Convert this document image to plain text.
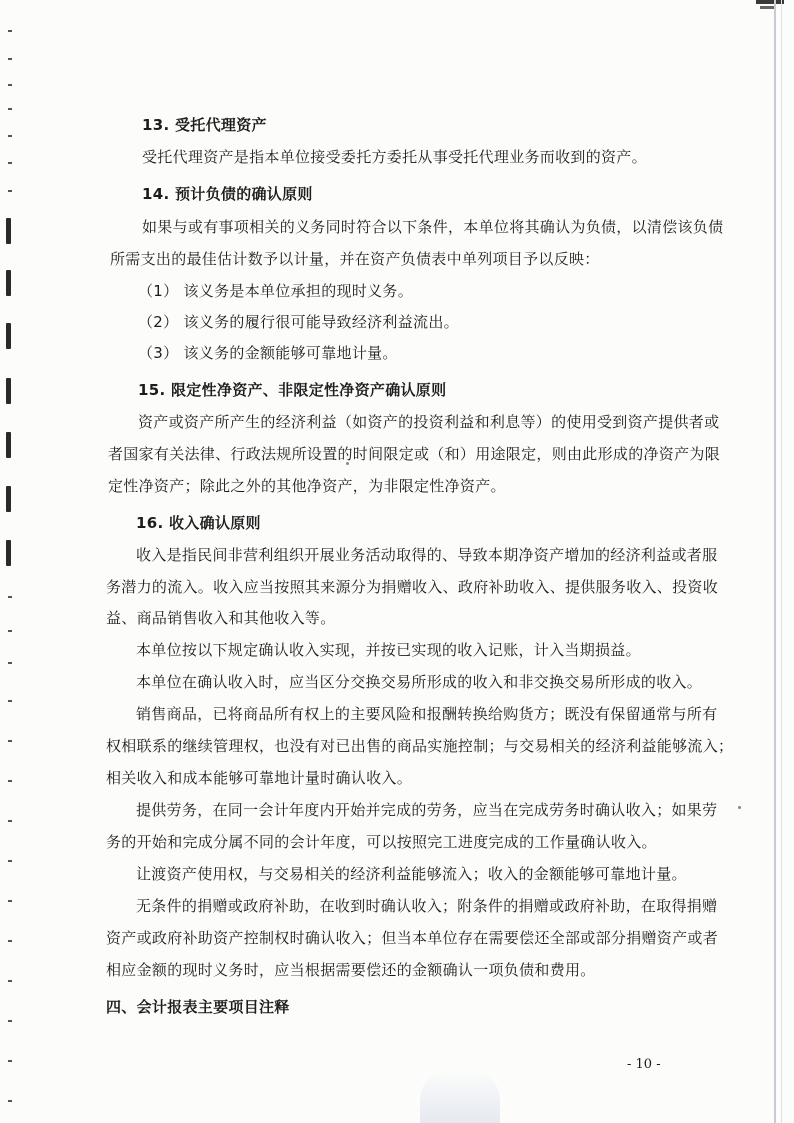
13. 受托代理资产
受托代理资产是指本单位接受委托方委托从事受托代理业务而收到的资产。
14. 预计负债的确认原则
如果与或有事项相关的义务同时符合以下条件，本单位将其确认为负债，以清偿该负债
所需支出的最佳估计数予以计量，并在资产负债表中单列项目予以反映：
（1） 该义务是本单位承担的现时义务。
（2） 该义务的履行很可能导致经济利益流出。
（3） 该义务的金额能够可靠地计量。
15. 限定性净资产、非限定性净资产确认原则
资产或资产所产生的经济利益（如资产的投资利益和利息等）的使用受到资产提供者或
者国家有关法律、行政法规所设置的时间限定或（和）用途限定，则由此形成的净资产为限
定性净资产；除此之外的其他净资产，为非限定性净资产。
16. 收入确认原则
收入是指民间非营利组织开展业务活动取得的、导致本期净资产增加的经济利益或者服
务潜力的流入。收入应当按照其来源分为捐赠收入、政府补助收入、提供服务收入、投资收
益、商品销售收入和其他收入等。
本单位按以下规定确认收入实现，并按已实现的收入记账，计入当期损益。
本单位在确认收入时，应当区分交换交易所形成的收入和非交换交易所形成的收入。
销售商品，已将商品所有权上的主要风险和报酬转换给购货方；既没有保留通常与所有
权相联系的继续管理权，也没有对已出售的商品实施控制；与交易相关的经济利益能够流入；
相关收入和成本能够可靠地计量时确认收入。
提供劳务，在同一会计年度内开始并完成的劳务，应当在完成劳务时确认收入；如果劳
务的开始和完成分属不同的会计年度，可以按照完工进度完成的工作量确认收入。
让渡资产使用权，与交易相关的经济利益能够流入；收入的金额能够可靠地计量。
无条件的捐赠或政府补助，在收到时确认收入；附条件的捐赠或政府补助，在取得捐赠
资产或政府补助资产控制权时确认收入；但当本单位存在需要偿还全部或部分捐赠资产或者
相应金额的现时义务时，应当根据需要偿还的金额确认一项负债和费用。
四、会计报表主要项目注释
- 10 -
